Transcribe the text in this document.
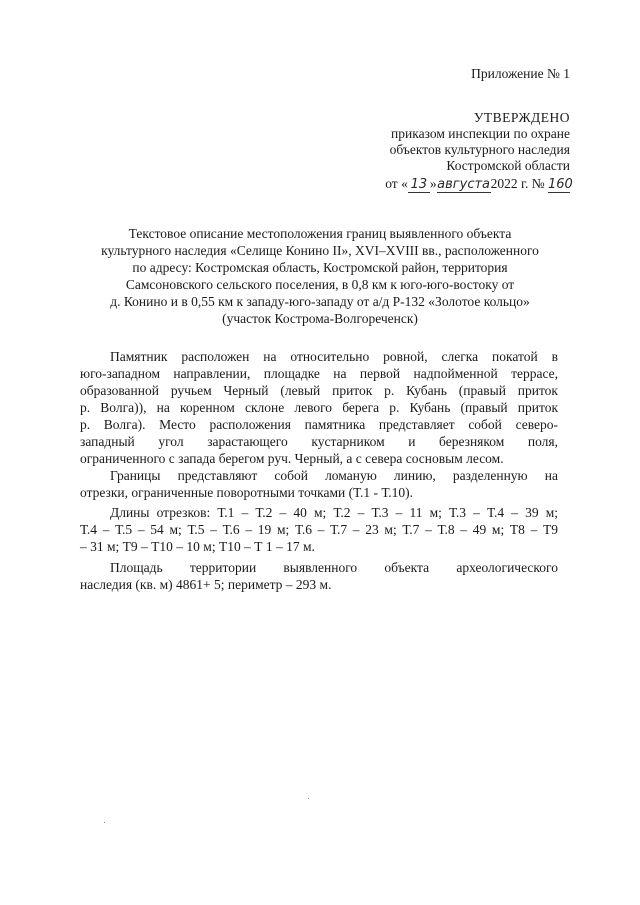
Приложение № 1
УТВЕРЖДЕНО
приказом инспекции по охране
объектов культурного наследия
Костромской области
от « 13 »августа2022 г. № 160
Текстовое описание местоположения границ выявленного объекта
культурного наследия «Селище Конино II», XVI–XVIII вв., расположенного
по адресу: Костромская область, Костромской район, территория
Самсоновского сельского поселения, в 0,8 км к юго-юго-востоку от
д. Конино и в 0,55 км к западу-юго-западу от а/д Р-132 «Золотое кольцо»
(участок Кострома-Волгореченск)
Памятник расположен на относительно ровной, слегка покатой в
юго-западном направлении, площадке на первой надпойменной террасе,
образованной ручьем Черный (левый приток р. Кубань (правый приток
р. Волга)), на коренном склоне левого берега р. Кубань (правый приток
р. Волга). Место расположения памятника представляет собой северо-
западный угол зарастающего кустарником и березняком поля,
ограниченного с запада берегом руч. Черный, а с севера сосновым лесом.
Границы представляют собой ломаную линию, разделенную на
отрезки, ограниченные поворотными точками (Т.1 - Т.10).
Длины отрезков: Т.1 – Т.2 – 40 м; Т.2 – Т.3 – 11 м; Т.3 – Т.4 – 39 м;
Т.4 – Т.5 – 54 м; Т.5 – Т.6 – 19 м; Т.6 – Т.7 – 23 м; Т.7 – Т.8 – 49 м; Т8 – Т9
– 31 м; Т9 – Т10 – 10 м; Т10 – Т 1 – 17 м.
Площадь территории выявленного объекта археологического
наследия (кв. м) 4861+ 5; периметр – 293 м.
